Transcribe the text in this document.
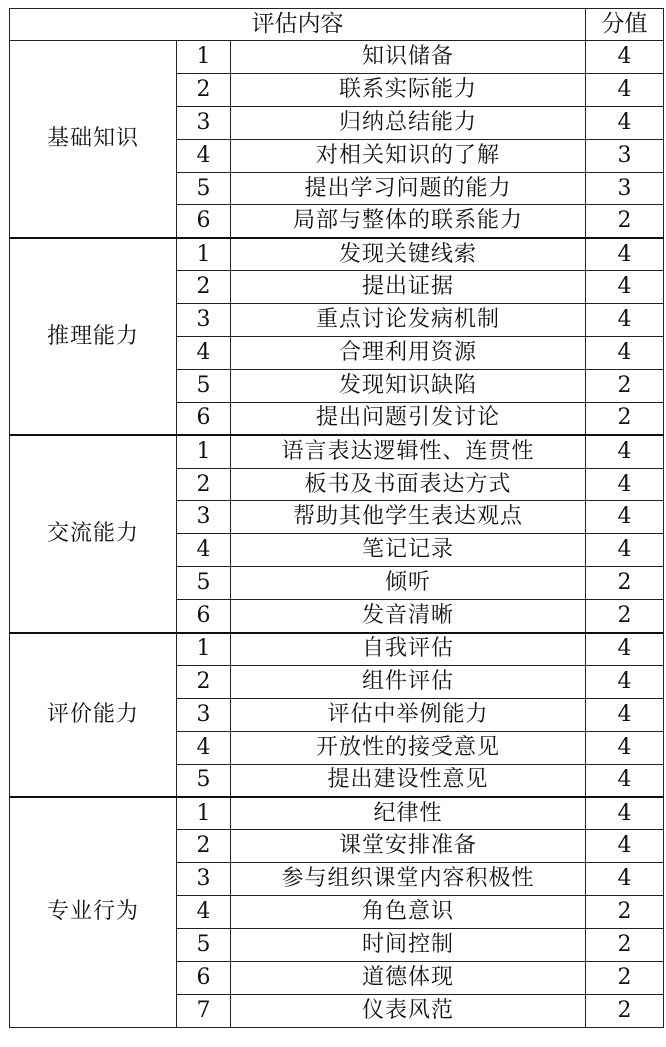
评估内容			分值
基础知识	1	知识储备	4
	2	联系实际能力	4
	3	归纳总结能力	4
	4	对相关知识的了解	3
	5	提出学习问题的能力	3
	6	局部与整体的联系能力	2
推理能力	1	发现关键线索	4
	2	提出证据	4
	3	重点讨论发病机制	4
	4	合理利用资源	4
	5	发现知识缺陷	2
	6	提出问题引发讨论	2
交流能力	1	语言表达逻辑性、连贯性	4
	2	板书及书面表达方式	4
	3	帮助其他学生表达观点	4
	4	笔记记录	4
	5	倾听	2
	6	发音清晰	2
评价能力	1	自我评估	4
	2	组件评估	4
	3	评估中举例能力	4
	4	开放性的接受意见	4
	5	提出建设性意见	4
专业行为	1	纪律性	4
	2	课堂安排准备	4
	3	参与组织课堂内容积极性	4
	4	角色意识	2
	5	时间控制	2
	6	道德体现	2
	7	仪表风范	2
